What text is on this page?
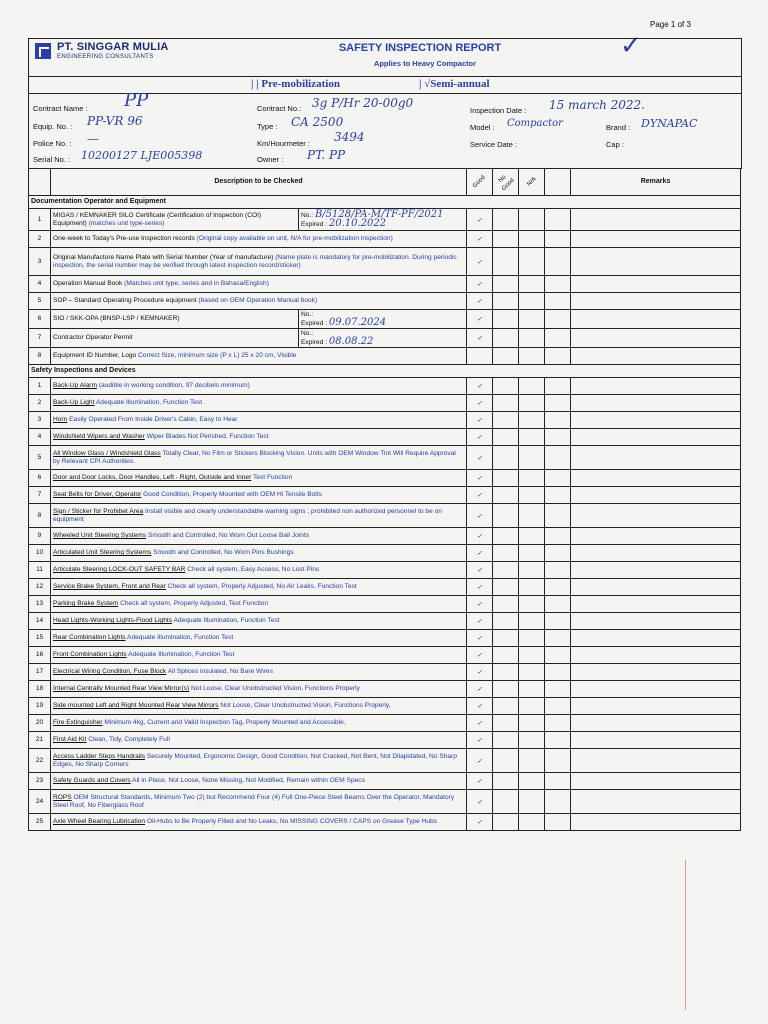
Page 1 of 3
✓
PT. SINGGAR MULIA
ENGINEERING CONSULTANTS
SAFETY INSPECTION REPORT
Applies to Heavy Compactor
| | Pre-mobilization	| √Semi-annual
Contract Name : PP
Equip. No. : PP-VR 96
Police No. : —
Serial No. : 10200127 LJE005398
Contract No.: 3g P/Hr 20-00g0
Type : CA 2500
Km/Hourmeter : 3494
Owner : PT. PP
Inspection Date : 15 march 2022.
Model : Compactor	Brand : DYNAPAC
Service Date :	Cap :
	Description to be Checked		Good	No Good	N/A		Remarks
Documentation Operator and Equipment							
1	MIGAS / KEMNAKER SILO Certificate (Certification of Inspection (COI) Equipment) (matches unit type-series)	No.: B/5128/PA-M/TF-PF/2021
Expired : 20.10.2022	✓				
2	One-week to Today's Pre-use Inspection records (Original copy available on unit, N/A for pre-mobilization inspection)		✓				
3	Original Manufacture Name Plate with Serial Number (Year of manufacture) (Name plate is mandatory for pre-mobilization. During periodic inspection, the serial number may be verified through latest inspection record/sticker)		✓				
4	Operation Manual Book (Matches unit type, series and in Bahasa/English)		✓				
5	SOP – Standard Operating Procedure equipment (based on OEM Operation Manual book)		✓				
6	SIO / SKK-OPA (BNSP-LSP / KEMNAKER)	No.:
Expired : 09.07.2024	✓				
7	Contractor Operator Permit	No.:
Expired : 08.08.22	✓				
8	Equipment ID Number, Logo Correct Size, minimum size (P x L) 25 x 20 cm, Visible						
Safety Inspections and Devices							
1	Back-Up Alarm (audible in working condition, 97 decibels minimum)		✓				
2	Back-Up Light Adequate Illumination, Function Test		✓				
3	Horn Easily Operated From Inside Driver's Cabin, Easy to Hear		✓				
4	Windshield Wipers and Washer Wiper Blades Not Perished, Function Test		✓				
5	All Window Glass / Windshield Glass Totally Clear, No Film or Stickers Blocking Vision. Units with OEM Window Tint Will Require Approval by Relevant CPI Authorities.		✓				
6	Door and Door Locks, Door Handles, Left - Right, Outside and Inner Test Function		✓				
7	Seat Belts for Driver, Operator Good Condition, Properly Mounted with OEM Hi Tensile Bolts		✓				
8	Sign / Sticker for Prohibet Area Install visible and clearly understandable warning signs ; prohibited non authorized personnel to be on equipment		✓				
9	Wheeled Unit Steering Systems Smooth and Controlled, No Worn Out Loose Ball Joints		✓				
10	Articulated Unit Steering Systems Smooth and Controlled, No Worn Pins Bushings		✓				
11	Articulate Steering LOCK-OUT SAFETY BAR Check all system, Easy Access, No Lost Pins		✓				
12	Service Brake System, Front and Rear Check all system, Properly Adjusted, No Air Leaks, Function Test		✓				
13	Parking Brake System Check all system, Properly Adjusted, Test Function		✓				
14	Head Lights-Working Lights-Flood Lights Adequate Illumination, Function Test		✓				
15	Rear Combination Lights Adequate Illumination, Function Test		✓				
16	Front Combination Lights Adequate Illumination, Function Test		✓				
17	Electrical Wiring Condition, Fuse Block All Splices insulated, No Bare Wires		✓				
18	Internal Centrally Mounted Rear View Mirror(s) Not Loose, Clear Unobstructed Vision, Functions Properly		✓				
19	Side mounted Left and Right Mounted Rear View Mirrors Not Loose, Clear Unobstructed Vision, Functions Properly,		✓				
20	Fire Extinguisher Minimum 4kg, Current and Valid Inspection Tag, Properly Mounted and Accessible.		✓				
21	First Aid Kit Clean, Tidy, Completely Full		✓				
22	Access Ladder Steps Handrails Securely Mounted, Ergonomic Design, Good Condition, Not Cracked, Not Bent, Not Dilapidated, No Sharp Edges, No Sharp Corners		✓				
23	Safety Guards and Covers All in Place, Not Loose, None Missing, Not Modified, Remain within OEM Specs		✓				
24	ROPS OEM Structural Standards, Minimum Two (2) but Recommend Four (4) Full One-Piece Steel Beams Over the Operator, Mandatory Steel Roof, No Fiberglass Roof		✓				
25	Axle Wheel Bearing Lubrication Oil-Hubs to Be Properly Filled and No Leaks, No MISSING COVERS / CAPS on Grease Type Hubs		✓				
